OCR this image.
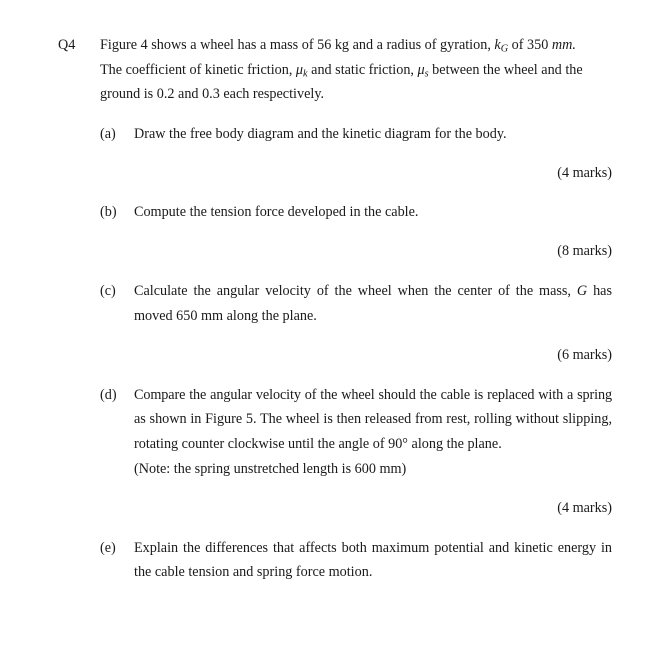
Q4 Figure 4 shows a wheel has a mass of 56 kg and a radius of gyration, $k_G$ of 350 mm.
The coefficient of kinetic friction, $\mu_k$ and static friction, $\mu_s$ between the wheel and the
ground is 0.2 and 0.3 each respectively.
(a) Draw the free body diagram and the kinetic diagram for the body.
(4 marks)
(b) Compute the tension force developed in the cable.
(8 marks)
(c) Calculate the angular velocity of the wheel when the center of the mass, G has
moved 650 mm along the plane.
(6 marks)
(d) Compare the angular velocity of the wheel should the cable is replaced with a spring
as shown in Figure 5. The wheel is then released from rest, rolling without slipping,
rotating counter clockwise until the angle of 90° along the plane.
(Note: the spring unstretched length is 600 mm)
(4 marks)
(e) Explain the differences that affects both maximum potential and kinetic energy in
the cable tension and spring force motion.
